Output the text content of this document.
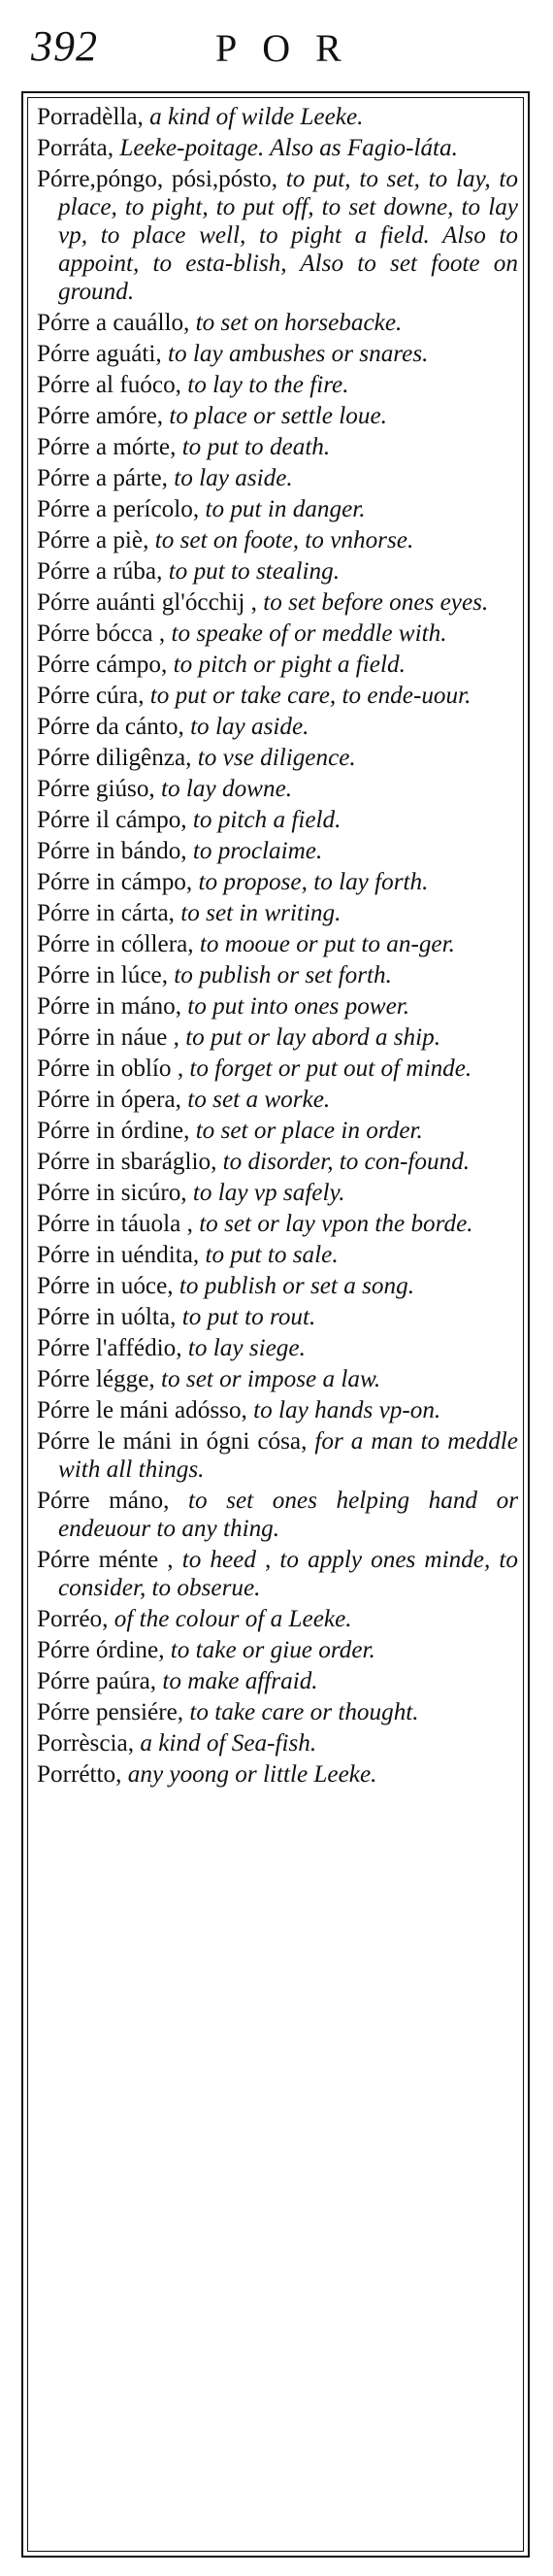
392	POR

Porradèlla, a kind of wilde Leeke.

Porráta, Leeke-poitage. Also as Fagio-láta.

Pórre,póngo, pósi,pósto, to put, to set, to lay, to place, to pight, to put off, to set downe, to lay vp, to place well, to pight a field. Also to appoint, to esta-blish, Also to set foote on ground.

Pórre a cauállo, to set on horsebacke.

Pórre aguáti, to lay ambushes or snares.

Pórre al fuóco, to lay to the fire.

Pórre amóre, to place or settle loue.

Pórre a mórte, to put to death.

Pórre a párte, to lay aside.

Pórre a perícolo, to put in danger.

Pórre a piè, to set on foote, to vnhorse.

Pórre a rúba, to put to stealing.

Pórre auánti gl'ócchij , to set before ones eyes.

Pórre bócca , to speake of or meddle with.

Pórre cámpo, to pitch or pight a field.

Pórre cúra, to put or take care, to ende-uour.

Pórre da cánto, to lay aside.

Pórre diligênza, to vse diligence.

Pórre giúso, to lay downe.

Pórre il cámpo, to pitch a field.

Pórre in bándo, to proclaime.

Pórre in cámpo, to propose, to lay forth.

Pórre in cárta, to set in writing.

Pórre in cóllera, to mooue or put to an-ger.

Pórre in lúce, to publish or set forth.

Pórre in máno, to put into ones power.

Pórre in náue , to put or lay abord a ship.

Pórre in oblío , to forget or put out of minde.

Pórre in ópera, to set a worke.

Pórre in órdine, to set or place in order.

Pórre in sbaráglio, to disorder, to con-found.

Pórre in sicúro, to lay vp safely.

Pórre in táuola , to set or lay vpon the borde.

Pórre in uéndita, to put to sale.

Pórre in uóce, to publish or set a song.

Pórre in uólta, to put to rout.

Pórre l'affédio, to lay siege.

Pórre légge, to set or impose a law.

Pórre le máni adósso, to lay hands vp-on.

Pórre le máni in ógni cósa, for a man to meddle with all things.

Pórre máno, to set ones helping hand or endeuour to any thing.

Pórre ménte , to heed , to apply ones minde, to consider, to obserue.

Porréo, of the colour of a Leeke.

Pórre órdine, to take or giue order.

Pórre paúra, to make affraid.

Pórre pensiére, to take care or thought.

Porrèscia, a kind of Sea-fish.

Porrétto, any yoong or little Leeke.
